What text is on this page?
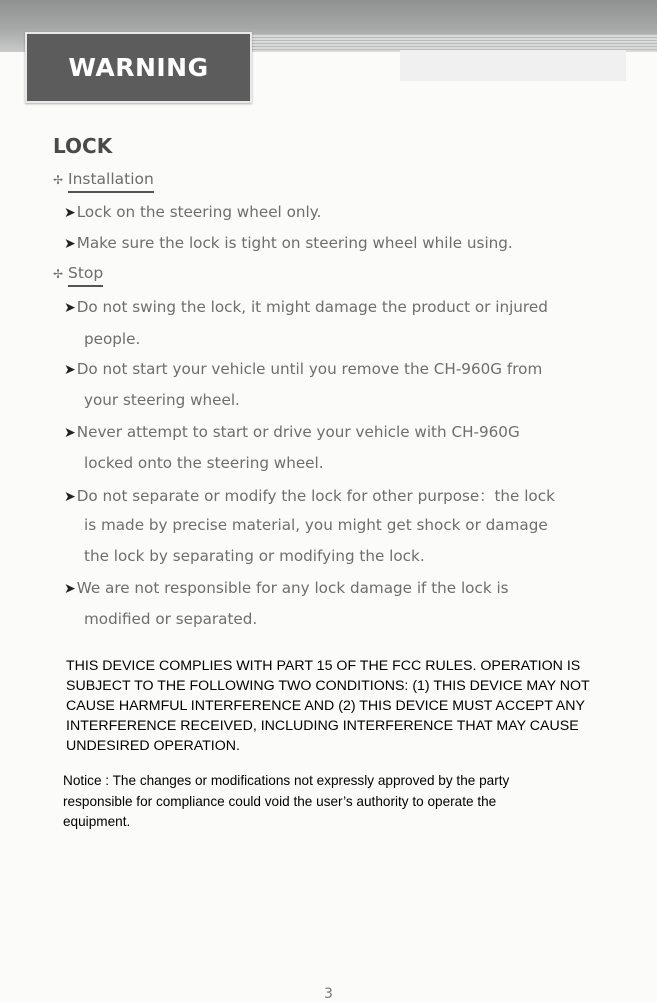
WARNING
LOCK
✢ Installation
➤Lock on the steering wheel only.
➤Make sure the lock is tight on steering wheel while using.
✢ Stop
➤Do not swing the lock, it might damage the product or injured
people.
➤Do not start your vehicle until you remove the CH-960G from
your steering wheel.
➤Never attempt to start or drive your vehicle with CH-960G
locked onto the steering wheel.
➤Do not separate or modify the lock for other purpose：the lock
is made by precise material, you might get shock or damage
the lock by separating or modifying the lock.
➤We are not responsible for any lock damage if the lock is
modified or separated.
THIS DEVICE COMPLIES WITH PART 15 OF THE FCC RULES. OPERATION IS SUBJECT TO THE FOLLOWING TWO CONDITIONS: (1) THIS DEVICE MAY NOT CAUSE HARMFUL INTERFERENCE AND (2) THIS DEVICE MUST ACCEPT ANY INTERFERENCE RECEIVED, INCLUDING INTERFERENCE THAT MAY CAUSE UNDESIRED OPERATION.
Notice : The changes or modifications not expressly approved by the party responsible for compliance could void the user’s authority to operate the equipment.
3
